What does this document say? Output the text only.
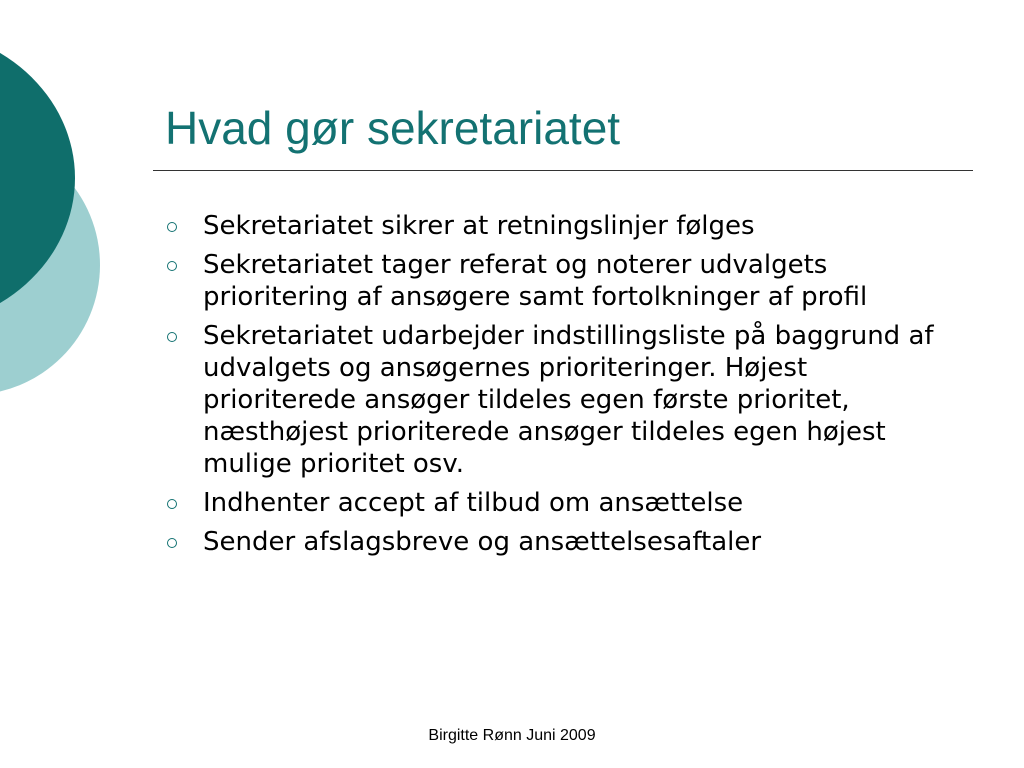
Hvad gør sekretariatet
Sekretariatet sikrer at retningslinjer følges
Sekretariatet tager referat og noterer udvalgets prioritering af ansøgere samt fortolkninger af profil
Sekretariatet udarbejder indstillingsliste på baggrund af udvalgets og ansøgernes prioriteringer. Højest prioriterede ansøger tildeles egen første prioritet, næsthøjest prioriterede ansøger tildeles egen højest mulige prioritet osv.
Indhenter accept af tilbud om ansættelse
Sender afslagsbreve og ansættelsesaftaler
Birgitte Rønn Juni 2009
